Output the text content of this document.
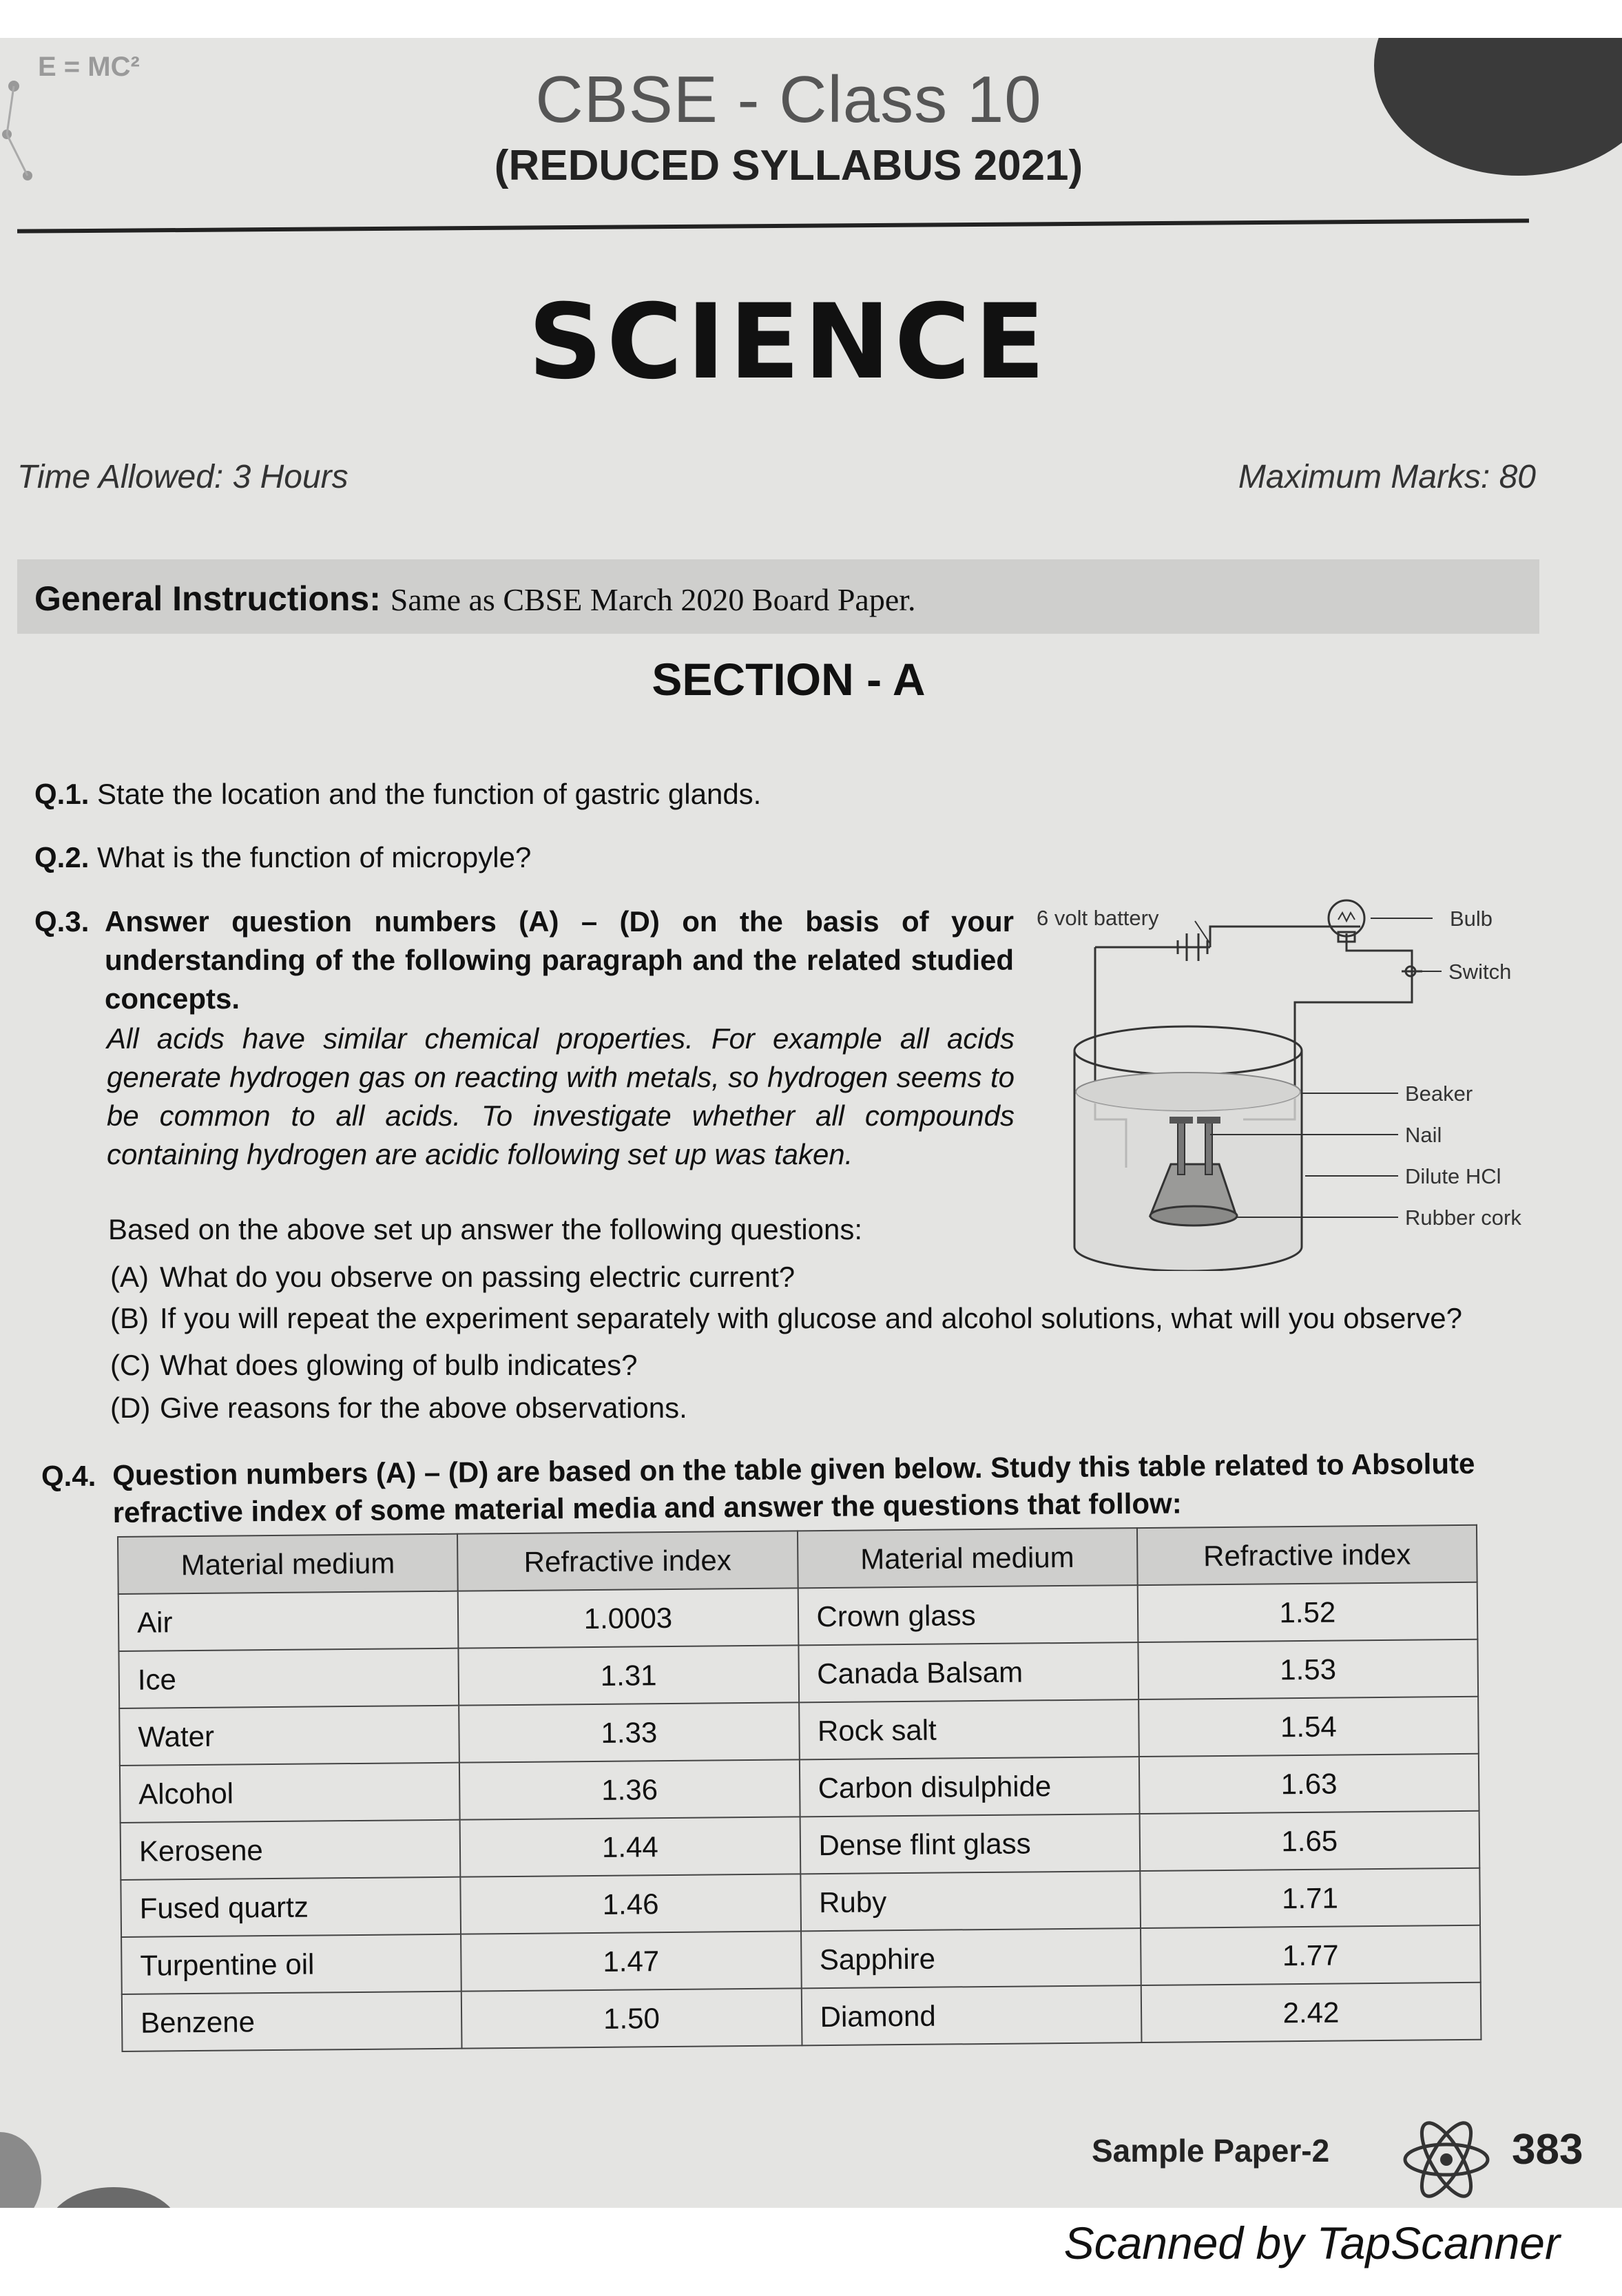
E = MC²	CBSE - Class 10
(REDUCED SYLLABUS 2021)
SCIENCE
Time Allowed: 3 Hours	Maximum Marks: 80
General Instructions: Same as CBSE March 2020 Board Paper.
SECTION - A
Q.1. State the location and the function of gastric glands.
Q.2. What is the function of micropyle?
Q.3. Answer question numbers (A) – (D) on the basis of your understanding of the following paragraph and the related studied concepts.
All acids have similar chemical properties. For example all acids generate hydrogen gas on reacting with metals, so hydrogen seems to be common to all acids. To investigate whether all compounds containing hydrogen are acidic following set up was taken.
Based on the above set up answer the following questions:
(A) What do you observe on passing electric current?
(B) If you will repeat the experiment separately with glucose and alcohol solutions, what will you observe?
(C) What does glowing of bulb indicates?
(D) Give reasons for the above observations.
6 volt battery	Bulb
Switch
Beaker
Nail
Dilute HCl
Rubber cork
Q.4. Question numbers (A) – (D) are based on the table given below. Study this table related to Absolute refractive index of some material media and answer the questions that follow:
Material medium	Refractive index	Material medium	Refractive index
Air	1.0003	Crown glass	1.52
Ice	1.31	Canada Balsam	1.53
Water	1.33	Rock salt	1.54
Alcohol	1.36	Carbon disulphide	1.63
Kerosene	1.44	Dense flint glass	1.65
Fused quartz	1.46	Ruby	1.71
Turpentine oil	1.47	Sapphire	1.77
Benzene	1.50	Diamond	2.42
Sample Paper-2	383
Scanned by TapScanner
